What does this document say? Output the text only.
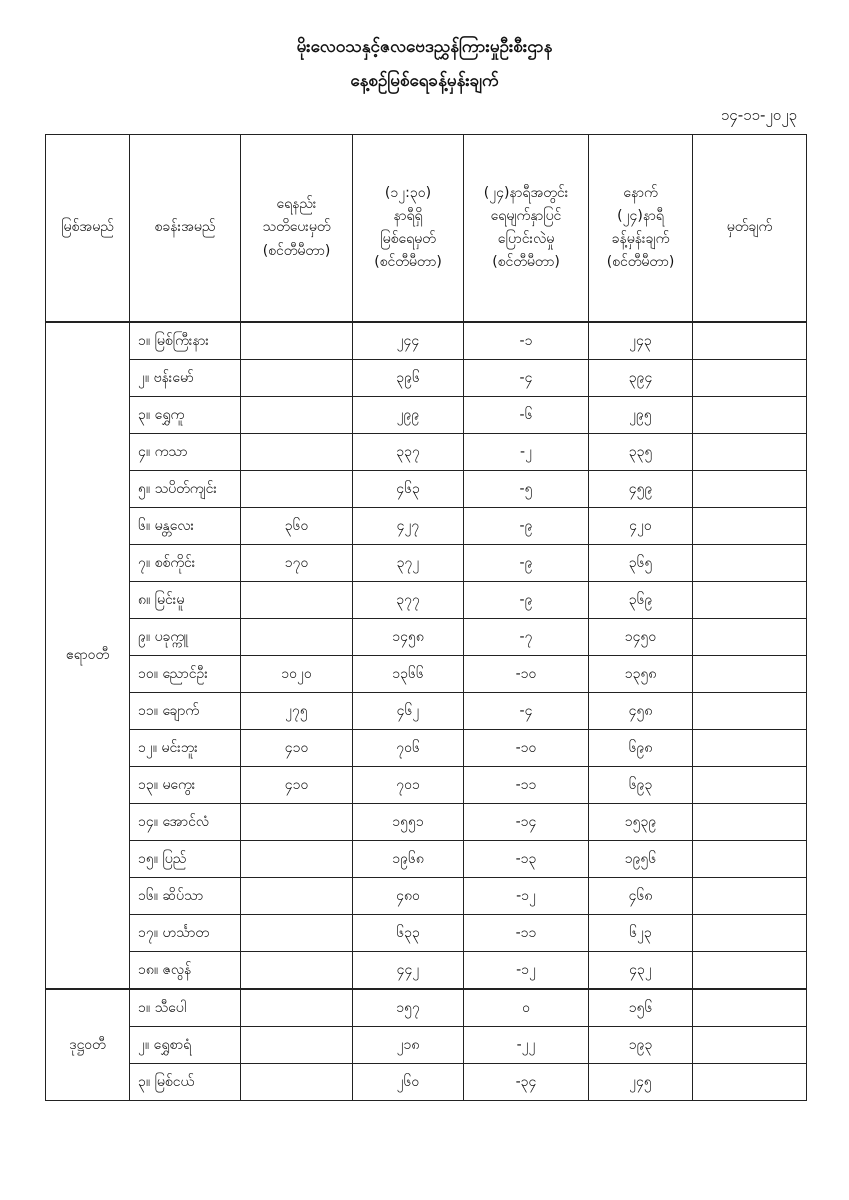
မိုးလေဝသနှင့်ဇလဗေဒညွှန်ကြားမှုဦးစီးဌာန
နေ့စဉ်မြစ်ရေခန့်မှန်းချက်
၁၄-၁၁-၂၀၂၃
မြစ်အမည်	စခန်းအမည်	ရေနည်း
သတိပေးမှတ်
(စင်တီမီတာ)	(၁၂:၃၀)
နာရီရှိ
မြစ်ရေမှတ်
(စင်တီမီတာ)	(၂၄)နာရီအတွင်း
ရေမျက်နှာပြင်
ပြောင်းလဲမှု
(စင်တီမီတာ)	နောက်
(၂၄)နာရီ
ခန့်မှန်းချက်
(စင်တီမီတာ)	မှတ်ချက်
ဧရာဝတီ	၁။ မြစ်ကြီးနား		၂၄၄	-၁	၂၄၃	
	၂။ ဗန်းမော်		၃၉၆	-၄	၃၉၄	
	၃။ ရွှေကူ		၂၉၉	-၆	၂၉၅	
	၄။ ကသာ		၃၃၇	-၂	၃၃၅	
	၅။ သပိတ်ကျင်း		၄၆၃	-၅	၄၅၉	
	၆။ မန္တလေး	၃၆၀	၄၂၇	-၉	၄၂၀	
	၇။ စစ်ကိုင်း	၁၇၀	၃၇၂	-၉	၃၆၅	
	၈။ မြင်းမူ		၃၇၇	-၉	၃၆၉	
	၉။ ပခုက္ကူ		၁၄၅၈	-၇	၁၄၅၀	
	၁၀။ ညောင်ဦး	၁၀၂၀	၁၃၆၆	-၁၀	၁၃၅၈	
	၁၁။ ချောက်	၂၇၅	၄၆၂	-၄	၄၅၈	
	၁၂။ မင်းဘူး	၄၁၀	၇၀၆	-၁၀	၆၉၈	
	၁၃။ မကွေး	၄၁၀	၇၀၁	-၁၁	၆၉၃	
	၁၄။ အောင်လံ		၁၅၅၁	-၁၄	၁၅၃၉	
	၁၅။ ပြည်		၁၉၆၈	-၁၃	၁၉၅၆	
	၁၆။ ဆိပ်သာ		၄၈၀	-၁၂	၄၆၈	
	၁၇။ ဟင်္သာတ		၆၃၃	-၁၁	၆၂၃	
	၁၈။ ဇလွန်		၄၄၂	-၁၂	၄၃၂	
ဒုဋ္ဌဝတီ	၁။ သီပေါ		၁၅၇	၀	၁၅၆	
	၂။ ရွှေစာရံ		၂၁၈	-၂၂	၁၉၃	
	၃။ မြစ်ငယ်		၂၆၀	-၃၄	၂၄၅	
